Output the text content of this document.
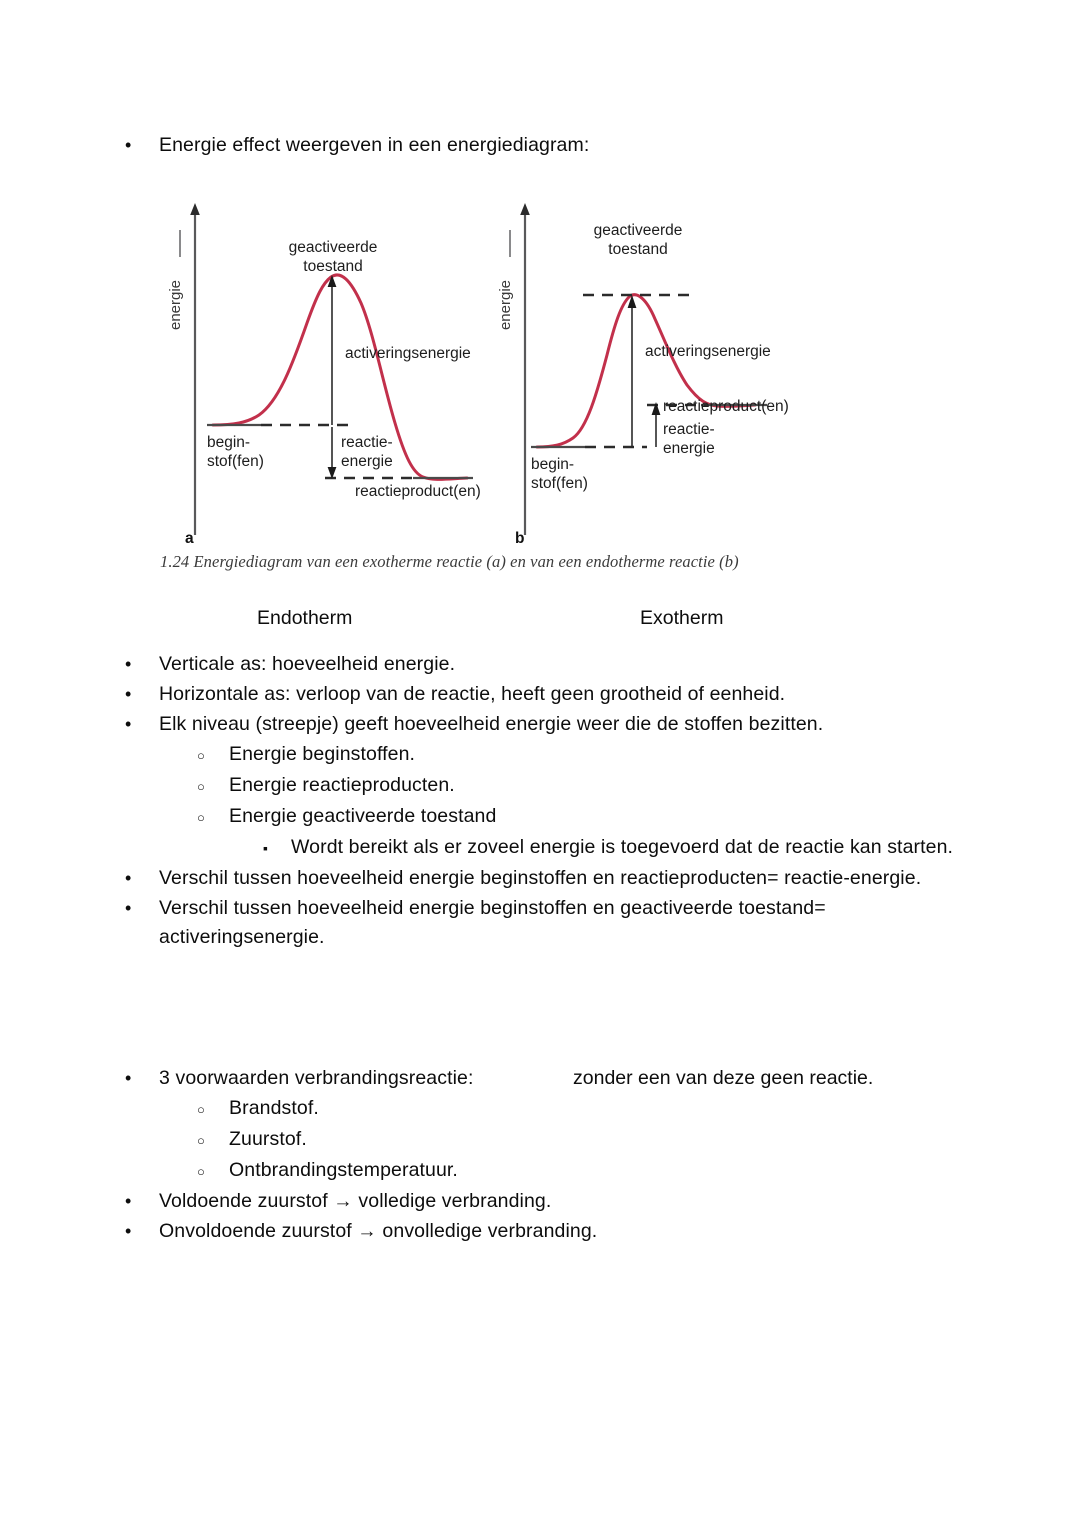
•
Energie effect weergeven in een energiediagram:
energie
geactiveerde
toestand
activeringsenergie
begin-
stof(fen)
reactie-
energie
reactieproduct(en)
a
energie
geactiveerde
toestand
activeringsenergie
reactieproduct(en)
reactie-
energie
begin-
stof(fen)
b
1.24 Energiediagram van een exotherme reactie (a) en van een endotherme reactie (b)
Endotherm	Exotherm
•
Verticale as: hoeveelheid energie.
•
Horizontale as: verloop van de reactie, heeft geen grootheid of eenheid.
•
Elk niveau (streepje) geeft hoeveelheid energie weer die de stoffen bezitten.
○
Energie beginstoffen.
○
Energie reactieproducten.
○
Energie geactiveerde toestand
▪
Wordt bereikt als er zoveel energie is toegevoerd dat de reactie kan starten.
•
Verschil tussen hoeveelheid energie beginstoffen en reactieproducten= reactie-energie.
•
Verschil tussen hoeveelheid energie beginstoffen en geactiveerde toestand= activeringsenergie.
•
3 voorwaarden verbrandingsreactie:
○
Brandstof.
○
Zuurstof.
○
Ontbrandingstemperatuur.
•
Voldoende zuurstof → volledige verbranding.
•
Onvoldoende zuurstof → onvolledige verbranding.
zonder een van deze geen reactie.
